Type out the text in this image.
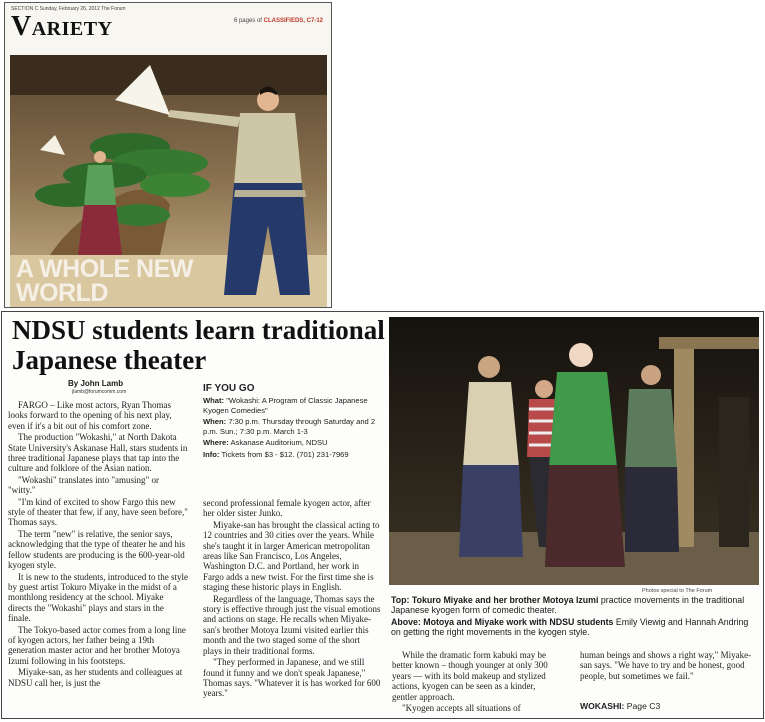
SECTION C Sunday, February 26, 2012 The Forum
Variety	6 pages of CLASSIFIEDS, C7-12
A WHOLE NEW WORLD
NDSU students learn traditional Japanese theater
By John Lamb
jlamb@forumcomm.com

FARGO – Like most actors, Ryan Thomas looks forward to the opening of his next play, even if it's a bit out of his comfort zone.

The production "Wokashi," at North Dakota State University's Askanase Hall, stars students in three traditional Japanese plays that tap into the culture and folklore of the Asian nation.

"Wokashi" translates into "amusing" or "witty."

"I'm kind of excited to show Fargo this new style of theater that few, if any, have seen before," Thomas says.

The term "new" is relative, the senior says, acknowledging that the type of theater he and his fellow students are producing is the 600-year-old kyogen style.

It is new to the students, introduced to the style by guest artist Tokuro Miyake in the midst of a monthlong residency at the school. Miyake directs the "Wokashi" plays and stars in the finale.

The Tokyo-based actor comes from a long line of kyogen actors, her father being a 19th generation master actor and her brother Motoya Izumi following in his footsteps.

Miyake-san, as her students and colleagues at NDSU call her, is just the

IF YOU GO
What: "Wokashi: A Program of Classic Japanese Kyogen Comedies"
When: 7:30 p.m. Thursday through Saturday and 2 p.m. Sun.; 7:30 p.m. March 1-3
Where: Askanase Auditorium, NDSU
Info: Tickets from $3 - $12. (701) 231-7969

second professional female kyogen actor, after her older sister Junko.

Miyake-san has brought the classical acting to 12 countries and 30 cities over the years. While she's taught it in larger American metropolitan areas like San Francisco, Los Angeles, Washington D.C. and Portland, her work in Fargo adds a new twist. For the first time she is staging these historic plays in English.

Regardless of the language, Thomas says the story is effective through just the visual emotions and actions on stage. He recalls when Miyake-san's brother Motoya Izumi visited earlier this month and the two staged some of the short plays in their traditional forms.

"They performed in Japanese, and we still found it funny and we don't speak Japanese," Thomas says. "Whatever it is has worked for 600 years."

Photos special to The Forum

Top: Tokuro Miyake and her brother Motoya Izumi practice movements in the traditional Japanese kyogen form of comedic theater.

Above: Motoya and Miyake work with NDSU students Emily Viewig and Hannah Andring on getting the right movements in the kyogen style.

While the dramatic form kabuki may be better known – though younger at only 300 years — with its bold makeup and stylized actions, kyogen can be seen as a kinder, gentler approach.

"Kyogen accepts all situations of

human beings and shows a right way," Miyake-san says. "We have to try and be honest, good people, but sometimes we fail."

WOKASHI: Page C3
